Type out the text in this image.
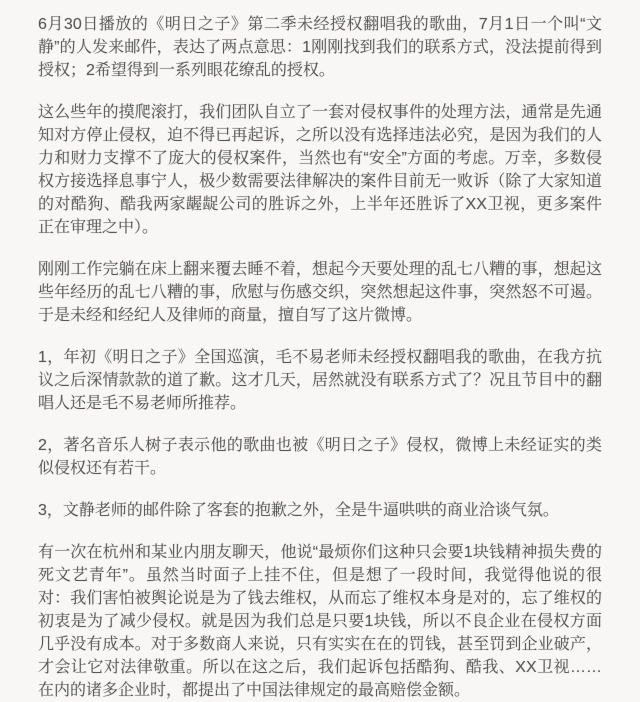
6月30日播放的《明日之子》第二季未经授权翻唱我的歌曲，7月1日一个叫“文
静”的人发来邮件，表达了两点意思：1刚刚找到我们的联系方式，没法提前得到
授权；2希望得到一系列眼花缭乱的授权。
这么些年的摸爬滚打，我们团队自立了一套对侵权事件的处理方法，通常是先通
知对方停止侵权，迫不得已再起诉，之所以没有选择违法必究，是因为我们的人
力和财力支撑不了庞大的侵权案件，当然也有“安全”方面的考虑。万幸，多数侵
权方接选择息事宁人，极少数需要法律解决的案件目前无一败诉（除了大家知道
的对酷狗、酷我两家龌龊公司的胜诉之外，上半年还胜诉了XX卫视，更多案件
正在审理之中）。
刚刚工作完躺在床上翻来覆去睡不着，想起今天要处理的乱七八糟的事，想起这
些年经历的乱七八糟的事，欣慰与伤感交织，突然想起这件事，突然怒不可遏。
于是未经和经纪人及律师的商量，擅自写了这片微博。
1，年初《明日之子》全国巡演，毛不易老师未经授权翻唱我的歌曲，在我方抗
议之后深情款款的道了歉。这才几天，居然就没有联系方式了？况且节目中的翻
唱人还是毛不易老师所推荐。
2，著名音乐人树子表示他的歌曲也被《明日之子》侵权，微博上未经证实的类
似侵权还有若干。
3，文静老师的邮件除了客套的抱歉之外，全是牛逼哄哄的商业洽谈气氛。
有一次在杭州和某业内朋友聊天，他说“最烦你们这种只会要1块钱精神损失费的
死文艺青年”。虽然当时面子上挂不住，但是想了一段时间，我觉得他说的很
对：我们害怕被舆论说是为了钱去维权，从而忘了维权本身是对的，忘了维权的
初衷是为了减少侵权。就是因为我们总是只要1块钱，所以不良企业在侵权方面
几乎没有成本。对于多数商人来说，只有实实在在的罚钱，甚至罚到企业破产，
才会让它对法律敬重。所以在这之后，我们起诉包括酷狗、酷我、XX卫视……
在内的诸多企业时，都提出了中国法律规定的最高赔偿金额。
